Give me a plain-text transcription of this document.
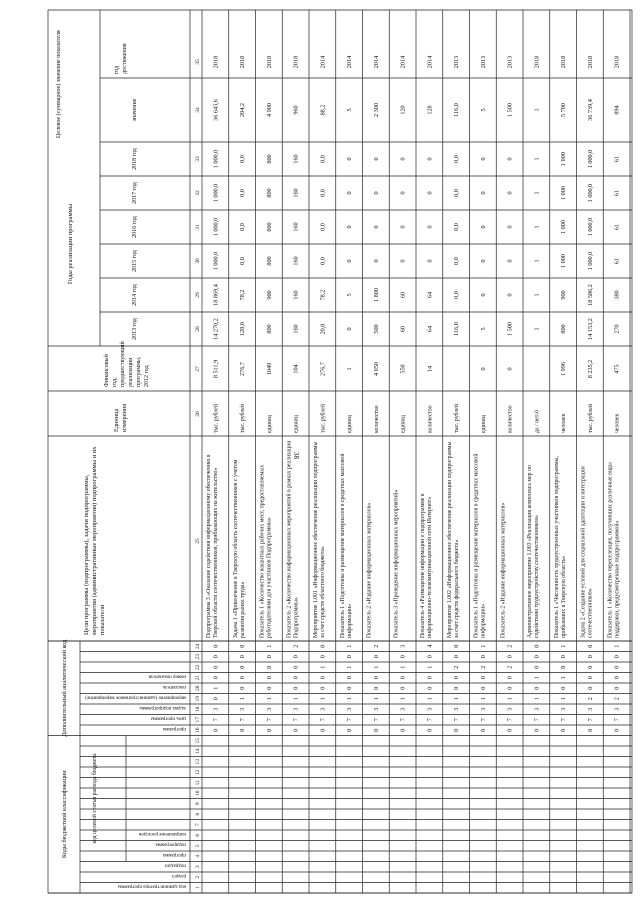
38
Коды бюджетной классификации
Дополнительный аналитический код
код целевой статьи расхода бюджета
код администратора программы
раздел
подраздел
программа
подпрограмма
направление расходов
программа
цель программы
задача подпрограммы
мероприятие (административное мероприятие)
показатель
номер показателя
1
2
3
4
5
6
7
8
9
10
11
12
13
14
15
16
17
18
19
20
21
22
23
24
25
26
27
28
29
30
31
32
33
34
35
Цели программы (подпрограммы), задачи подпрограммы,мероприятия (административные мероприятия) подпрограммы и ихпоказатели
Единицаизмерения
Финансовый год, предшествующий реализации программы, 2012 год
Годы реализации программы
Целевое (суммарное) значение показателя
2013 год
2014 год
2015 год
2016 год
2017 год
2018 год
значение
год достижения
0
7
3
0
1
0
0
0
0
0
7
3
1
0
0
0
0
0
0
7
3
1
0
0
0
0
1
0
7
3
1
0
0
0
0
2
0
7
3
1
0
0
1
0
0
0
7
3
1
0
0
1
0
1
0
7
3
1
0
0
1
0
2
0
7
3
1
0
0
1
0
3
0
7
3
1
0
0
1
0
4
0
7
3
1
0
0
2
0
0
0
7
3
1
0
0
2
0
1
0
7
3
1
0
0
2
0
2
0
7
3
1
0
1
0
0
0
0
7
3
1
0
1
0
0
1
0
7
3
2
0
0
0
0
0
0
7
3
2
0
0
0
0
1
Подпрограмма 3 «Оказание содействия информационному обеспечению вТверской области соотечественников, прибывающих на жительство»
тыс. рублей
8 511,9
14 270,2
18 869,4
1 000,0
1 000,0
1 000,0
1 000,0
36 643,6
2018
Задача 1 «Привлечение в Тверскую область соотечественников с учетомразвития рынка труда»
тыс. рублей
276,7
120,0
78,2
0,0
0,0
0,0
0,0
204,2
2018
Показатель 1 «Количество вакантных рабочих мест, предоставляемыхработодателями для участников Подпрограммы»
единиц
1049
800
900
800
800
800
800
4 900
2018
Показатель 2 «Количество информационных мероприятий в рамках реализацииПодпрограммы»
единиц
104
160
160
160
160
160
160
960
2018
Мероприятие 1.001 «Информационное обеспечение реализации подпрограммыза счет средств областного бюджета»
тыс. рублей
276,7
20,0
78,2
0,0
0,0
0,0
0,0
88,2
2014
Показатель 1 «Подготовка и размещение материалов в средствах массовойинформации»
единиц
1
0
5
0
0
0
0
5
2014
Показатель 2 «Издание информационных материалов»
количество
4 050
500
1 800
0
0
0
0
2 300
2014
Показатель 3 «Проведение информационных мероприятий»
единиц
550
60
60
0
0
0
0
120
2014
Показатель 4 «Размещение информации о подпрограмме винформационно-телекоммуникационной сети Интернет»
количество
14
64
64
0
0
0
0
128
2014
Мероприятие 1.002 «Информационное обеспечение реализации подпрограммыза счет средств федерального бюджета»
тыс. рублей
116,0
0,0
0,0
0,0
0,0
0,0
116,0
2013
Показатель 1 «Подготовка и размещение материалов в средствах массовойинформации»
единиц
0
5
0
0
0
0
0
5
2013
Показатель 2 «Издание информационных материалов»
количество
0
1 500
0
0
0
0
0
1 500
2013
Административное мероприятие 1.003 «Реализация комплекса мер посодействию трудоустройству соотечественников»
да / нет-0
1
1
1
1
1
1
1
2018
Показатель 1 «Численность трудоустроенных участников подпрограммы,прибывших в Тверскую область»
человек
1 996
800
900
1 000
1 000
1 000
1 000
5 700
2018
Задача 2 «Создание условий для социальной адаптации и интеграциисоотечественников»
тыс. рублей
8 235,2
14 153,2
18 586,2
1 000,0
1 000,0
1 000,0
1 000,0
36 739,4
2018
Показатель 1 «Количество переселенцев, получивших различные видыподдержки, предусмотренные подпрограммой»
человек
475
270
380
61
61
61
61
894
2018
